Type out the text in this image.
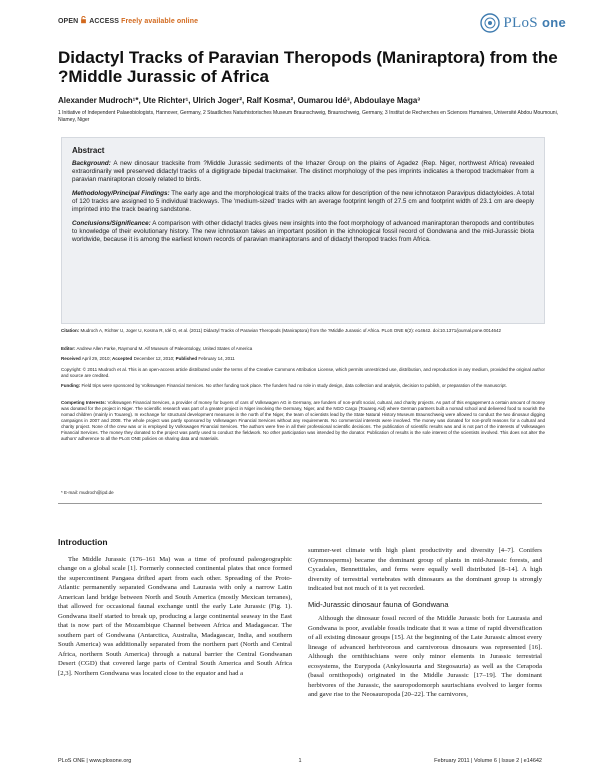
OPEN ACCESS Freely available online	PLoS one
Didactyl Tracks of Paravian Theropods (Maniraptora) from the ?Middle Jurassic of Africa
Alexander Mudroch¹*, Ute Richter¹, Ulrich Joger², Ralf Kosma², Oumarou Idé³, Abdoulaye Maga³
1 Initiative of Independent Palaeobiologists, Hannover, Germany, 2 Staatliches Naturhistorisches Museum Braunschweig, Braunschweig, Germany, 3 Institut de Recherches en Sciences Humaines, Université Abdou Moumouni, Niamey, Niger
Abstract

Background: A new dinosaur tracksite from ?Middle Jurassic sediments of the Irhazer Group on the plains of Agadez (Rep. Niger, northwest Africa) revealed extraordinarily well preserved didactyl tracks of a digitigrade bipedal trackmaker. The distinct morphology of the pes imprints indicates a theropod trackmaker from a paravian maniraptoran closely related to birds.

Methodology/Principal Findings: The early age and the morphological traits of the tracks allow for description of the new ichnotaxon Paravipus didactyloides. A total of 120 tracks are assigned to 5 individual trackways. The 'medium-sized' tracks with an average footprint length of 27.5 cm and footprint width of 23.1 cm are deeply imprinted into the track bearing sandstone.

Conclusions/Significance: A comparison with other didactyl tracks gives new insights into the foot morphology of advanced maniraptoran theropods and contributes to knowledge of their evolutionary history. The new ichnotaxon takes an important position in the ichnological fossil record of Gondwana and the mid-Jurassic biota worldwide, because it is among the earliest known records of paravian maniraptorans and of didactyl theropod tracks from Africa.

Citation: Mudroch A, Richter U, Joger U, Kosma R, Idé O, et al. (2011) Didactyl Tracks of Paravian Theropods (Maniraptora) from the ?Middle Jurassic of Africa. PLoS ONE 6(2): e14642. doi:10.1371/journal.pone.0014642
Editor: Andrew Allen Farke, Raymond M. Alf Museum of Paleontology, United States of America
Received April 29, 2010; Accepted December 12, 2010; Published February 14, 2011
Copyright: © 2011 Mudroch et al. This is an open-access article distributed under the terms of the Creative Commons Attribution License, which permits unrestricted use, distribution, and reproduction in any medium, provided the original author and source are credited.
Funding: Field trips were sponsored by Volkswagen Financial Services. No other funding took place. The funders had no role in study design, data collection and analysis, decision to publish, or preparation of the manuscript.
Competing Interests: Volkswagen Financial Services, a provider of money for buyers of cars of Volkswagen AG in Germany, are funders of non-profit social, cultural, and charity projects. As part of this engagement a certain amount of money was donated for the project in Niger. The scientific research was part of a greater project in Niger involving the Germany, Niger, and the NGO Cargo (Touareg Aid) where German partners built a nomad school and delivered food to nourish the nomad children (mainly in Touareg). In exchange for structural development measures in the north of the Niger, the team of scientists lead by the State Natural History Museum Braunschweig were allowed to conduct the two dinosaur digging campaigns in 2007 and 2008. The whole project was partly sponsored by Volkswagen Financial Services without any requirements. No commercial interests were involved. The money was donated for non-profit reasons for a cultural and charity project. None of the crew was or is employed by Volkswagen Financial Services. The authors were free in all their professional scientific decisions. The publication of scientific results was and is not part of the interests of Volkswagen Financial Services. The money they donated to the project was partly used to conduct the fieldwork. No other participation was intended by the donator. Publication of results is the sole interest of the scientists involved. This does not alter the authors' adherence to all the PLoS ONE policies on sharing data and materials.
* E-mail: mudroch@ipd.de
Introduction

The Middle Jurassic (176–161 Ma) was a time of profound paleogeographic change on a global scale [1]. Formerly connected continental plates that once formed the supercontinent Pangaea drifted apart from each other. Spreading of the Proto-Atlantic permanently separated Gondwana and Laurasia with only a narrow Latin American land bridge between North and South America (mostly Mexican terranes), that allowed for occasional faunal exchange until the early Late Jurassic (Fig. 1). Gondwana itself started to break up, producing a large continental seaway in the East that is now part of the Mozambique Channel between Africa and Madagascar. The southern part of Gondwana (Antarctica, Australia, Madagascar, India, and southern South America) was additionally separated from the northern part (North and Central Africa, northern South America) through a natural barrier the Central Gondwanan Desert (CGD) that covered large parts of Central South America and South Africa [2,3]. Northern Gondwana was located close to the equator and had a

summer-wet climate with high plant productivity and diversity [4–7]. Conifers (Gymnosperms) became the dominant group of plants in mid-Jurassic forests, and Cycadales, Bennettitales, and ferns were equally well distributed [8–14]. A high diversity of terrestrial vertebrates with dinosaurs as the dominant group is strongly indicated but not much of it is yet recorded.

Mid-Jurassic dinosaur fauna of Gondwana

Although the dinosaur fossil record of the Middle Jurassic both for Laurasia and Gondwana is poor, available fossils indicate that it was a time of rapid diversification of all existing dinosaur groups [15]. At the beginning of the Late Jurassic almost every lineage of advanced herbivorous and carnivorous dinosaurs was represented [16]. Although the ornithischians were only minor elements in Jurassic terrestrial ecosystems, the Eurypoda (Ankylosauria and Stegosauria) as well as the Cerapoda (basal ornithopods) originated in the Middle Jurassic [17–19]. The dominant herbivores of the Jurassic, the sauropodomorph saurischians evolved to larger forms and gave rise to the Neosauropoda [20–22]. The carnivores,

PLoS ONE | www.plosone.org	1	February 2011 | Volume 6 | Issue 2 | e14642
